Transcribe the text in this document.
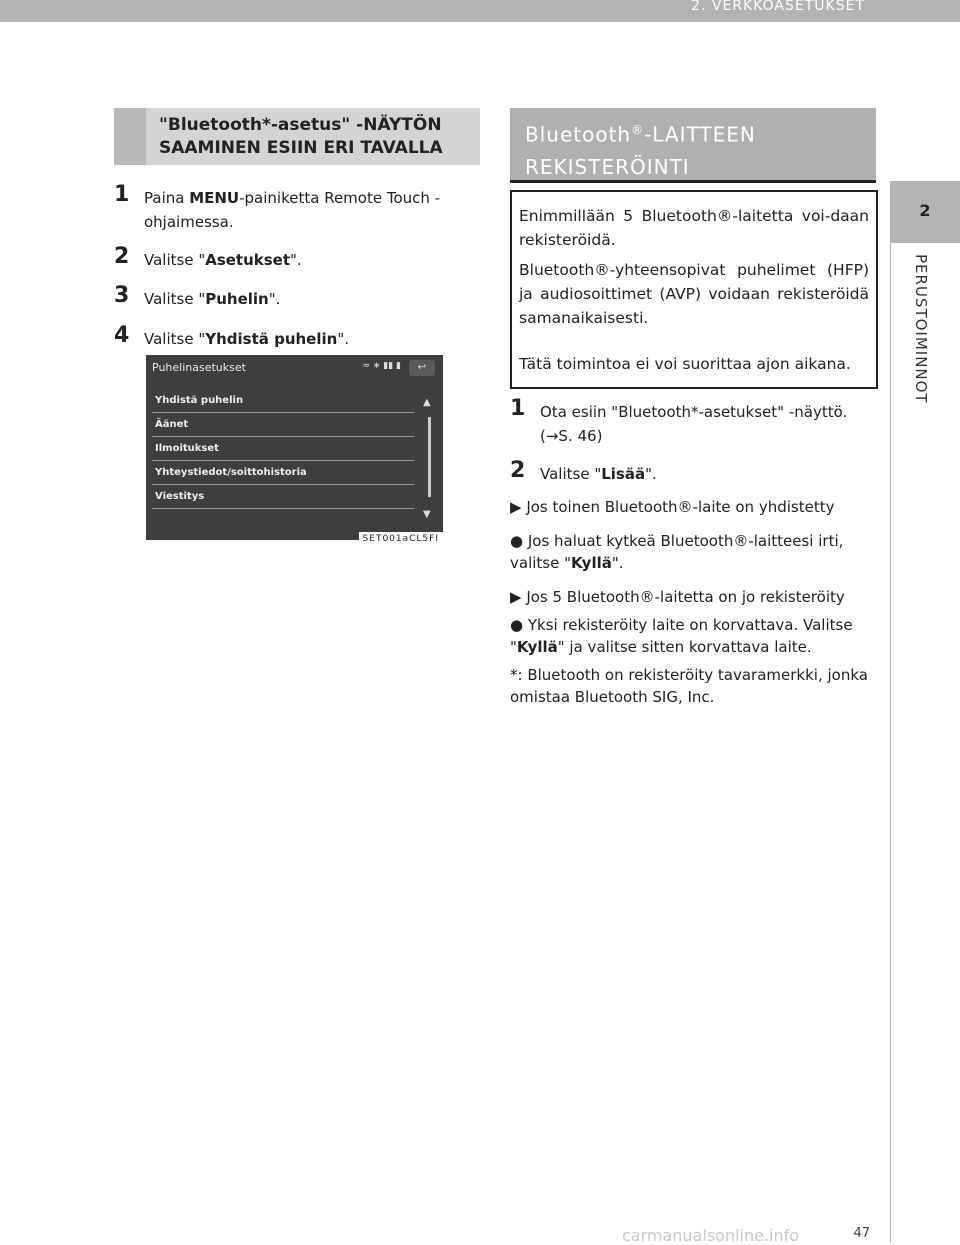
2. VERKKOASETUKSET
2
PERUSTOIMINNOT
"Bluetooth*-asetus" -NÄYTÖN
SAAMINEN ESIIN ERI TAVALLA
1 Paina MENU-painiketta Remote Touch -ohjaimessa.
2 Valitse "Asetukset".
3 Valitse "Puhelin".
4 Valitse "Yhdistä puhelin".
Puhelinasetukset	≈ ∗ ▮▮ ▮	↩
Yhdistä puhelin
Äänet
Ilmoitukset
Yhteystiedot/soittohistoria
Viestitys
▲
▼
SET001aCL5FI
Bluetooth®-LAITTEEN
REKISTERÖINTI

Enimmillään 5 Bluetooth®-laitetta voi-daan rekisteröidä.

Bluetooth®-yhteensopivat puhelimet (HFP) ja audiosoittimet (AVP) voidaan rekisteröidä samanaikaisesti.

Tätä toimintoa ei voi suorittaa ajon aikana.

1 Ota esiin "Bluetooth*-asetukset" -näyttö. (→S. 46)
2 Valitse "Lisää".
▶ Jos toinen Bluetooth®-laite on yhdistetty
● Jos haluat kytkeä Bluetooth®-laitteesi irti, valitse "Kyllä".
▶ Jos 5 Bluetooth®-laitetta on jo rekisteröity
● Yksi rekisteröity laite on korvattava. Valitse "Kyllä" ja valitse sitten korvattava laite.
*: Bluetooth on rekisteröity tavaramerkki, jonka omistaa Bluetooth SIG, Inc.
47
carmanualsonline.info
